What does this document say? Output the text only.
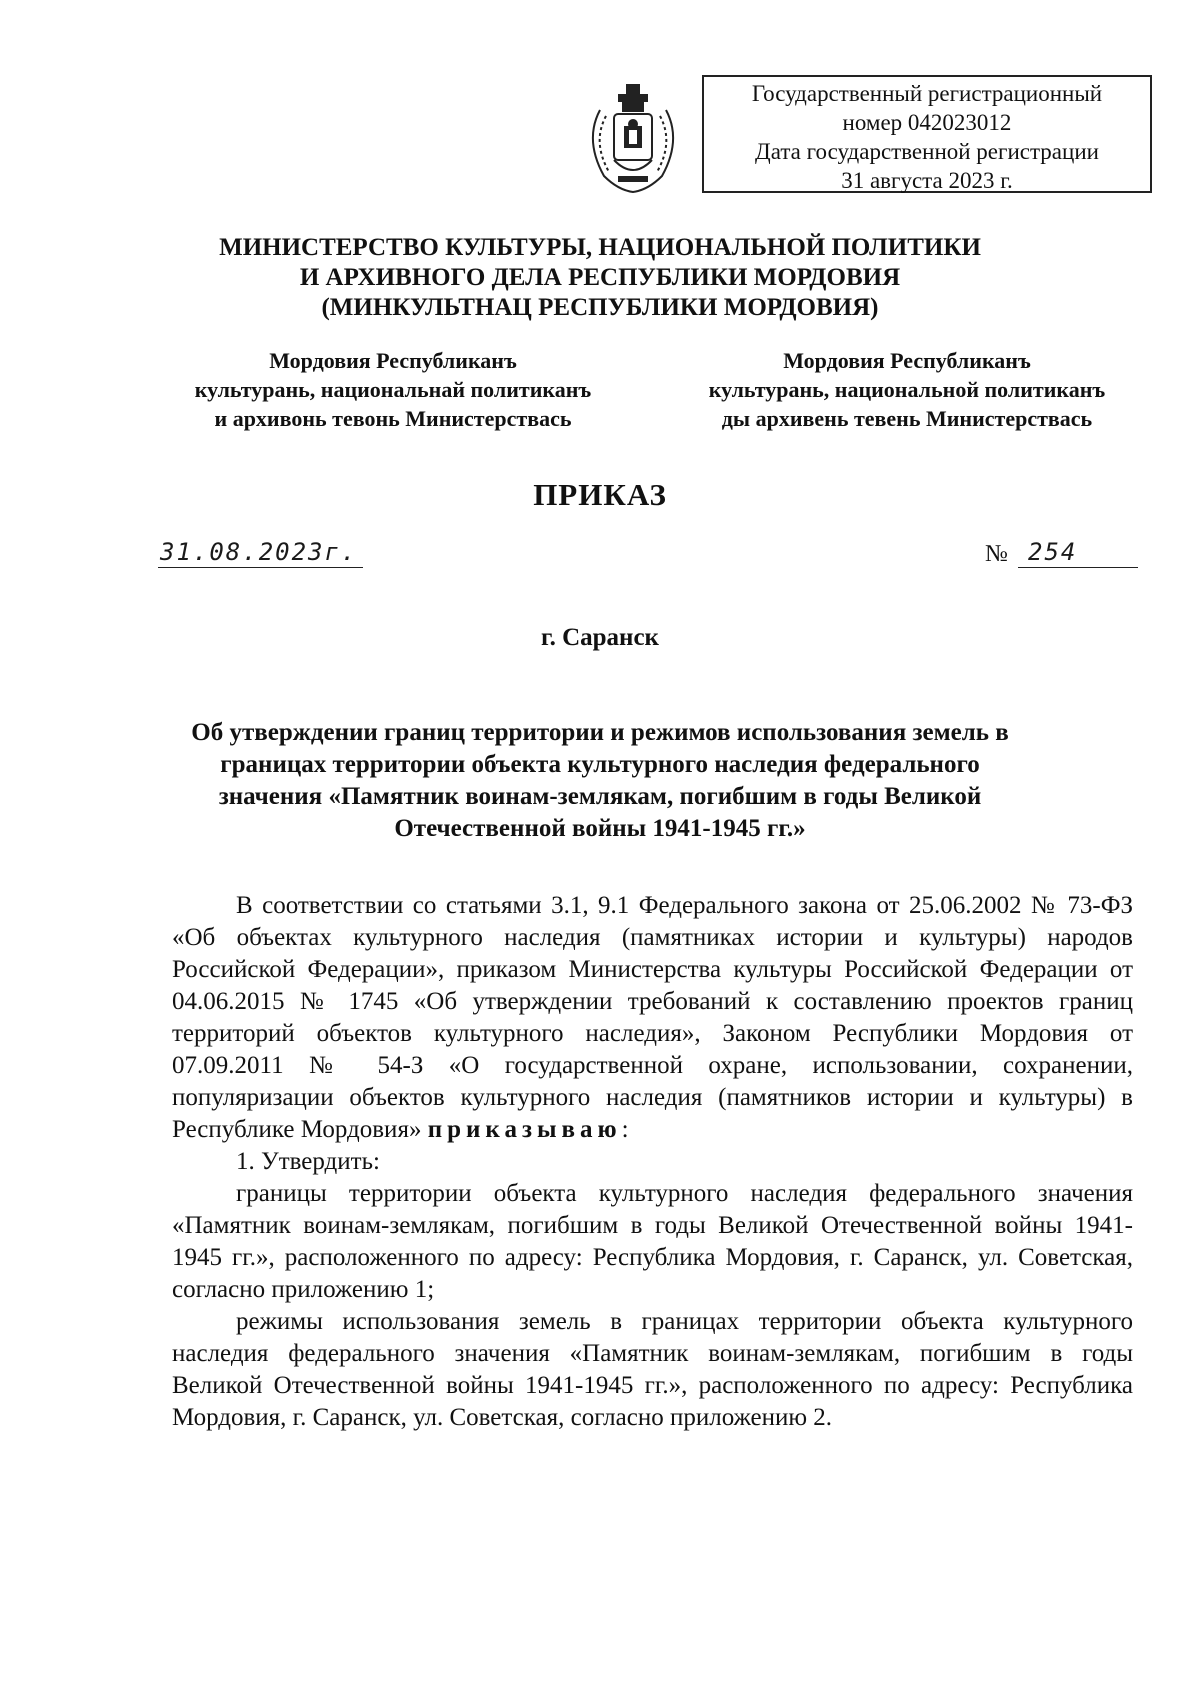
Государственный регистрационный
номер 042023012
Дата государственной регистрации
31 августа 2023 г.
МИНИСТЕРСТВО КУЛЬТУРЫ, НАЦИОНАЛЬНОЙ ПОЛИТИКИ
И АРХИВНОГО ДЕЛА РЕСПУБЛИКИ МОРДОВИЯ
(МИНКУЛЬТНАЦ РЕСПУБЛИКИ МОРДОВИЯ)
Мордовия Республиканъ
культурань, национальнай политиканъ
и архивонь тевонь Министерствась
Мордовия Республиканъ
культурань, национальной политиканъ
ды архивень тевень Министерствась
ПРИКАЗ
31.08.2023г.	№ 254
г. Саранск
Об утверждении границ территории и режимов использования земель в
границах территории объекта культурного наследия федерального
значения «Памятник воинам-землякам, погибшим в годы Великой
Отечественной войны 1941-1945 гг.»

В соответствии со статьями 3.1, 9.1 Федерального закона от 25.06.2002 № 73-ФЗ «Об объектах культурного наследия (памятниках истории и культуры) народов Российской Федерации», приказом Министерства культуры Российской Федерации от 04.06.2015 № 1745 «Об утверждении требований к составлению проектов границ территорий объектов культурного наследия», Законом Республики Мордовия от 07.09.2011 № 54-З «О государственной охране, использовании, сохранении, популяризации объектов культурного наследия (памятников истории и культуры) в Республике Мордовия» приказываю:

1. Утвердить:

границы территории объекта культурного наследия федерального значения «Памятник воинам-землякам, погибшим в годы Великой Отечественной войны 1941-1945 гг.», расположенного по адресу: Республика Мордовия, г. Саранск, ул. Советская, согласно приложению 1;

режимы использования земель в границах территории объекта культурного наследия федерального значения «Памятник воинам-землякам, погибшим в годы Великой Отечественной войны 1941-1945 гг.», расположенного по адресу: Республика Мордовия, г. Саранск, ул. Советская, согласно приложению 2.
